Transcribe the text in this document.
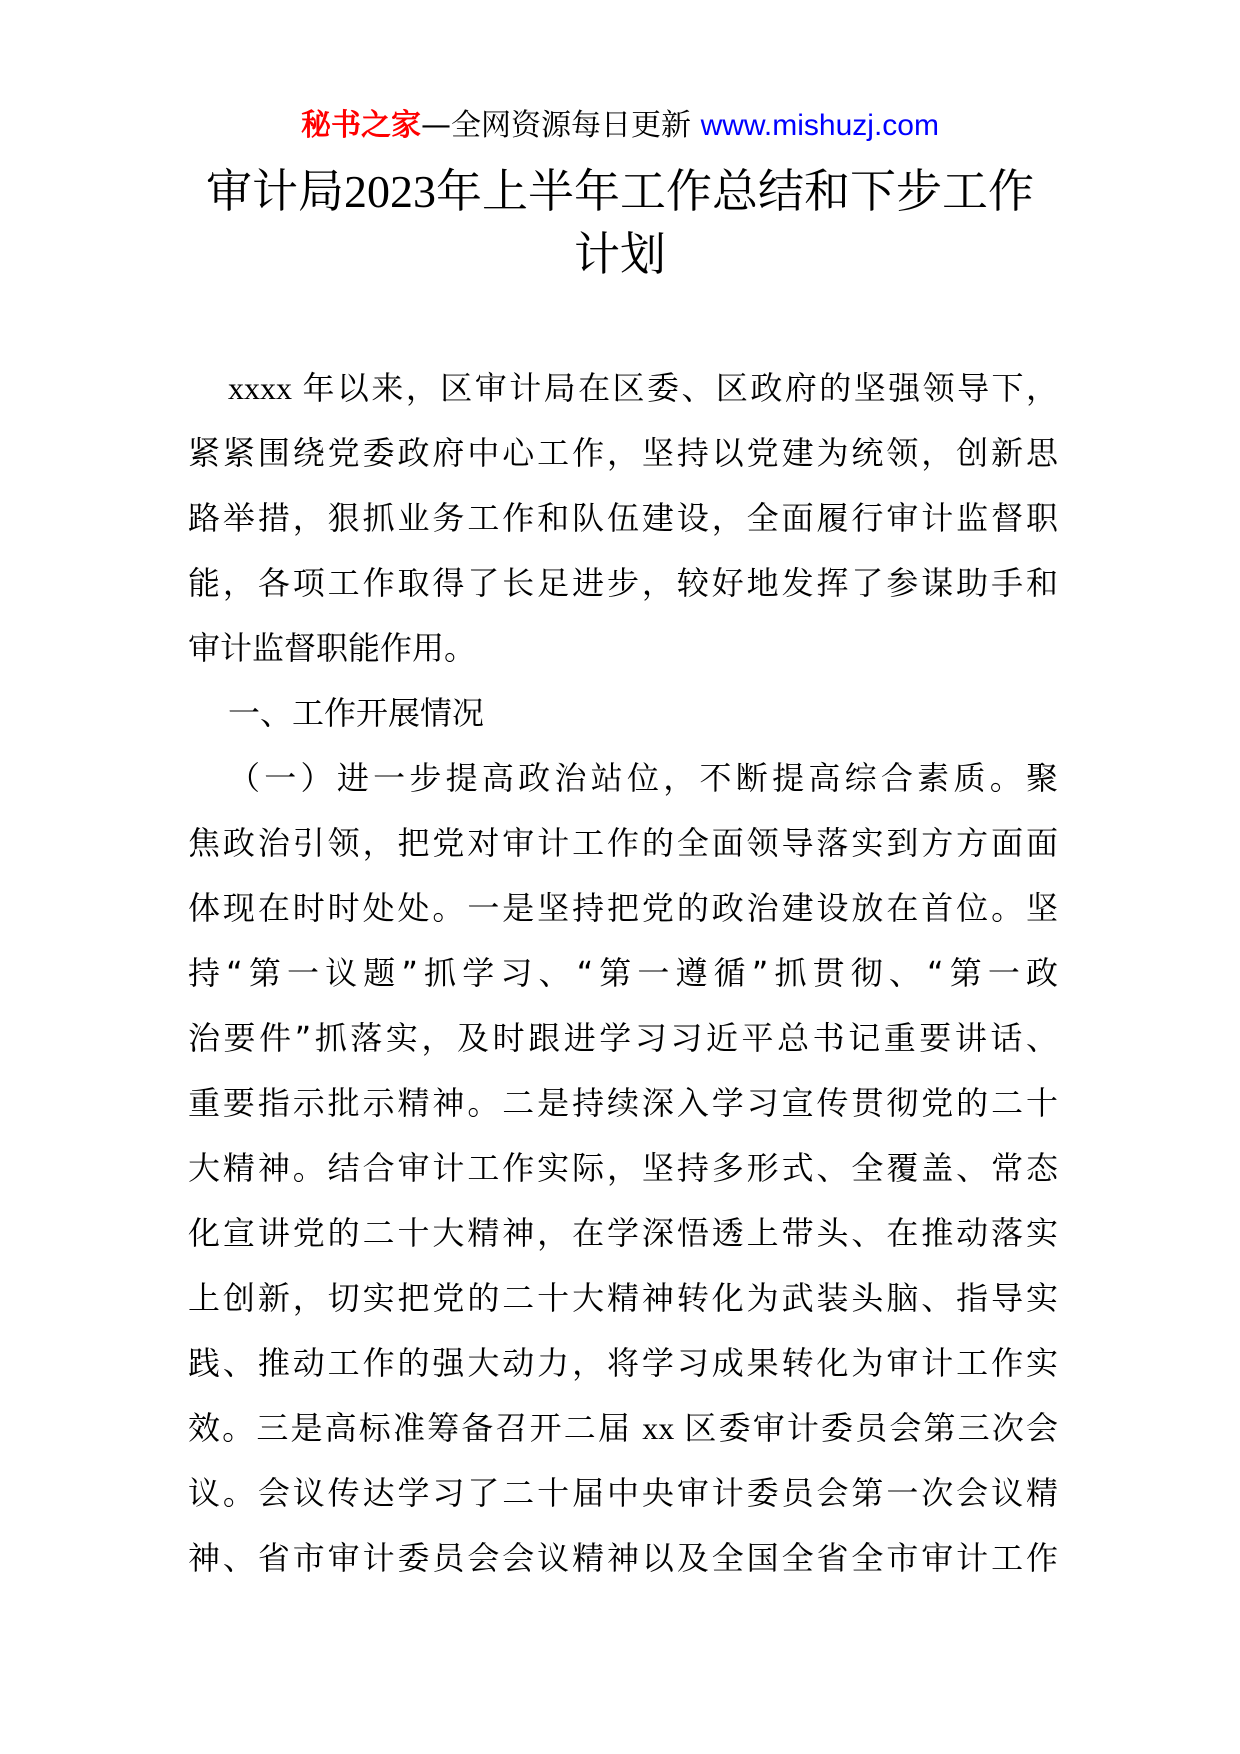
秘书之家—全网资源每日更新 www.mishuzj.com
审计局2023年上半年工作总结和下步工作
计划
xxxx 年以来，区审计局在区委、区政府的坚强领导下，
紧紧围绕党委政府中心工作，坚持以党建为统领，创新思
路举措，狠抓业务工作和队伍建设，全面履行审计监督职
能，各项工作取得了长足进步，较好地发挥了参谋助手和
审计监督职能作用。
一、工作开展情况
（一）进一步提高政治站位，不断提高综合素质。聚
焦政治引领，把党对审计工作的全面领导落实到方方面面
体现在时时处处。一是坚持把党的政治建设放在首位。坚
持“第一议题”抓学习、“第一遵循”抓贯彻、“第一政
治要件”抓落实，及时跟进学习习近平总书记重要讲话、
重要指示批示精神。二是持续深入学习宣传贯彻党的二十
大精神。结合审计工作实际，坚持多形式、全覆盖、常态
化宣讲党的二十大精神，在学深悟透上带头、在推动落实
上创新，切实把党的二十大精神转化为武装头脑、指导实
践、推动工作的强大动力，将学习成果转化为审计工作实
效。三是高标准筹备召开二届 xx 区委审计委员会第三次会
议。会议传达学习了二十届中央审计委员会第一次会议精
神、省市审计委员会会议精神以及全国全省全市审计工作
